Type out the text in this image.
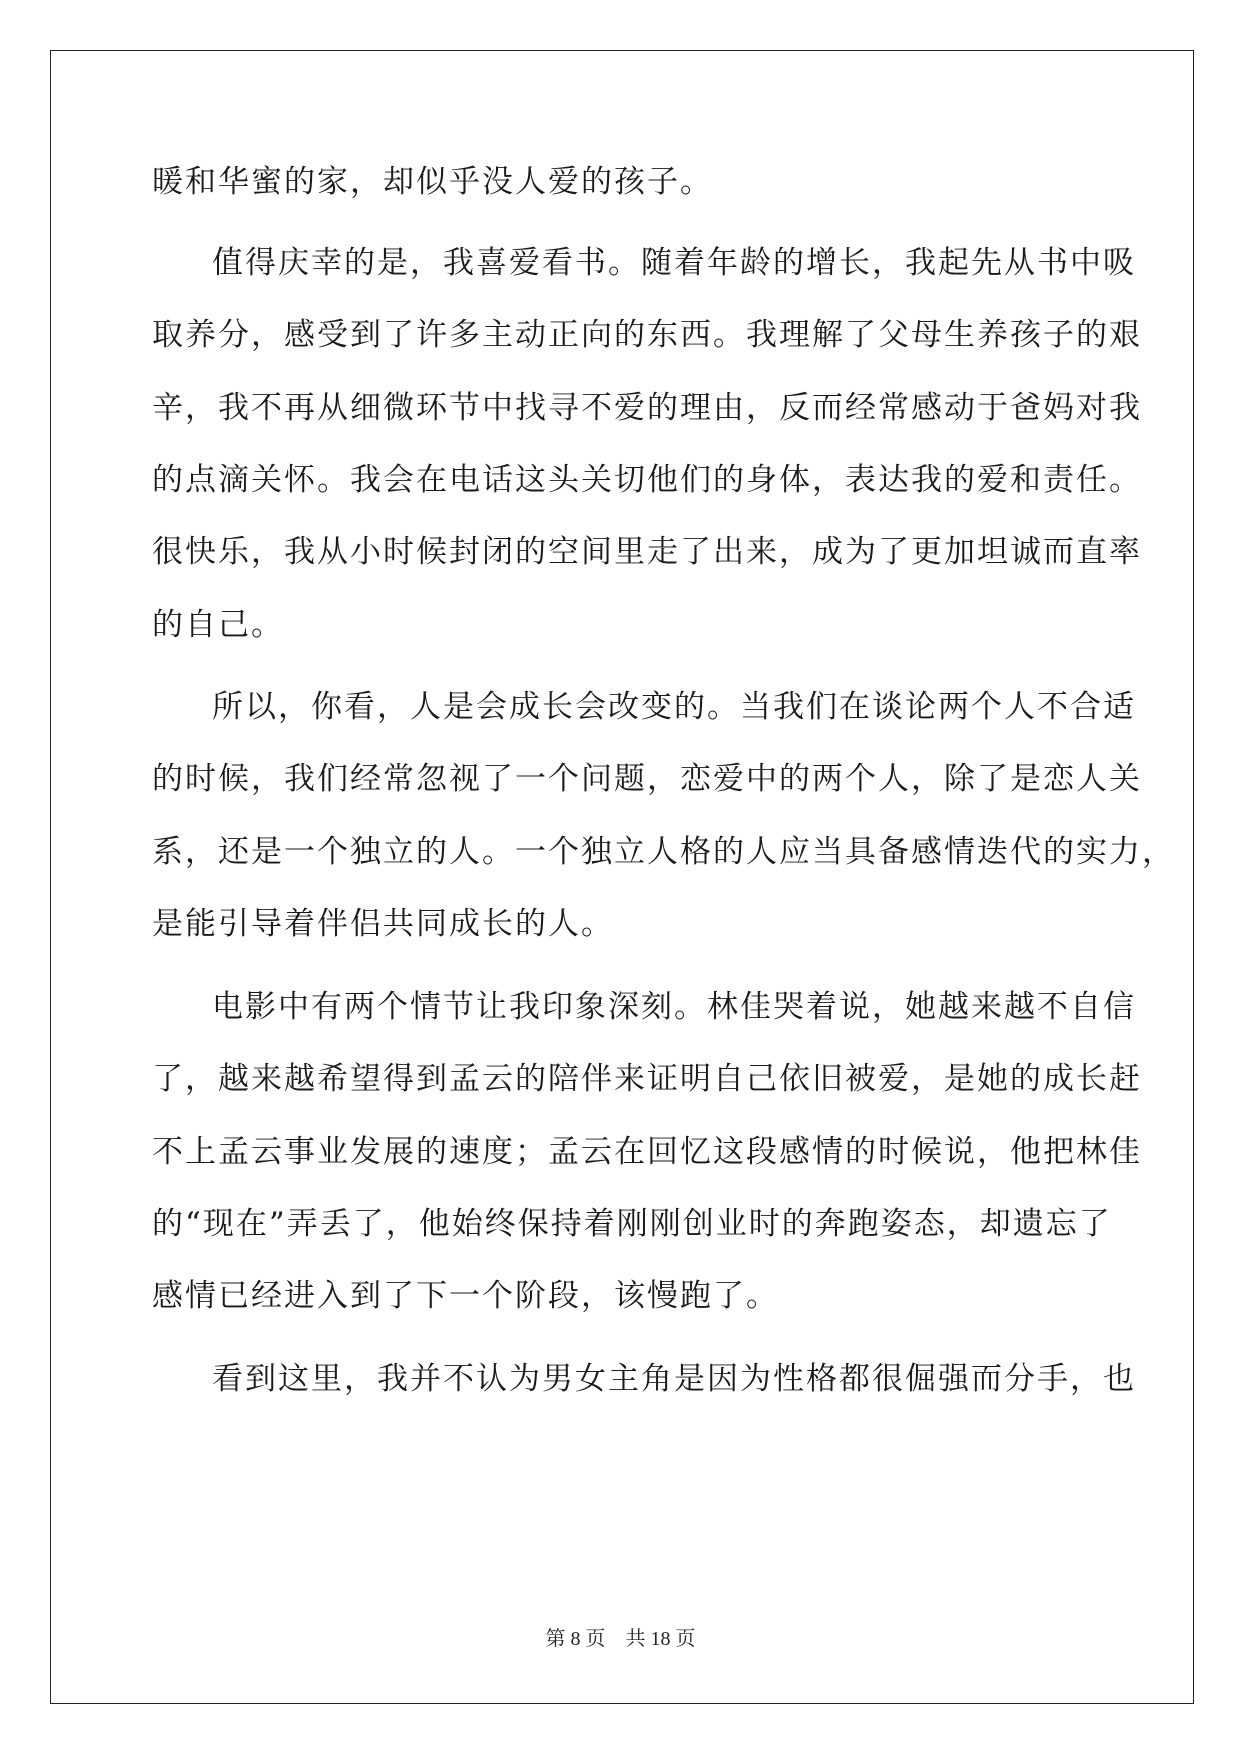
暖和华蜜的家，却似乎没人爱的孩子。
值得庆幸的是，我喜爱看书。随着年龄的增长，我起先从书中吸
取养分，感受到了许多主动正向的东西。我理解了父母生养孩子的艰
辛，我不再从细微环节中找寻不爱的理由，反而经常感动于爸妈对我
的点滴关怀。我会在电话这头关切他们的身体，表达我的爱和责任。
很快乐，我从小时候封闭的空间里走了出来，成为了更加坦诚而直率
的自己。
所以，你看，人是会成长会改变的。当我们在谈论两个人不合适
的时候，我们经常忽视了一个问题，恋爱中的两个人，除了是恋人关
系，还是一个独立的人。一个独立人格的人应当具备感情迭代的实力，
是能引导着伴侣共同成长的人。
电影中有两个情节让我印象深刻。林佳哭着说，她越来越不自信
了，越来越希望得到孟云的陪伴来证明自己依旧被爱，是她的成长赶
不上孟云事业发展的速度；孟云在回忆这段感情的时候说，他把林佳
的“现在”弄丢了，他始终保持着刚刚创业时的奔跑姿态，却遗忘了
感情已经进入到了下一个阶段，该慢跑了。
看到这里，我并不认为男女主角是因为性格都很倔强而分手，也
第 8 页　共 18 页
